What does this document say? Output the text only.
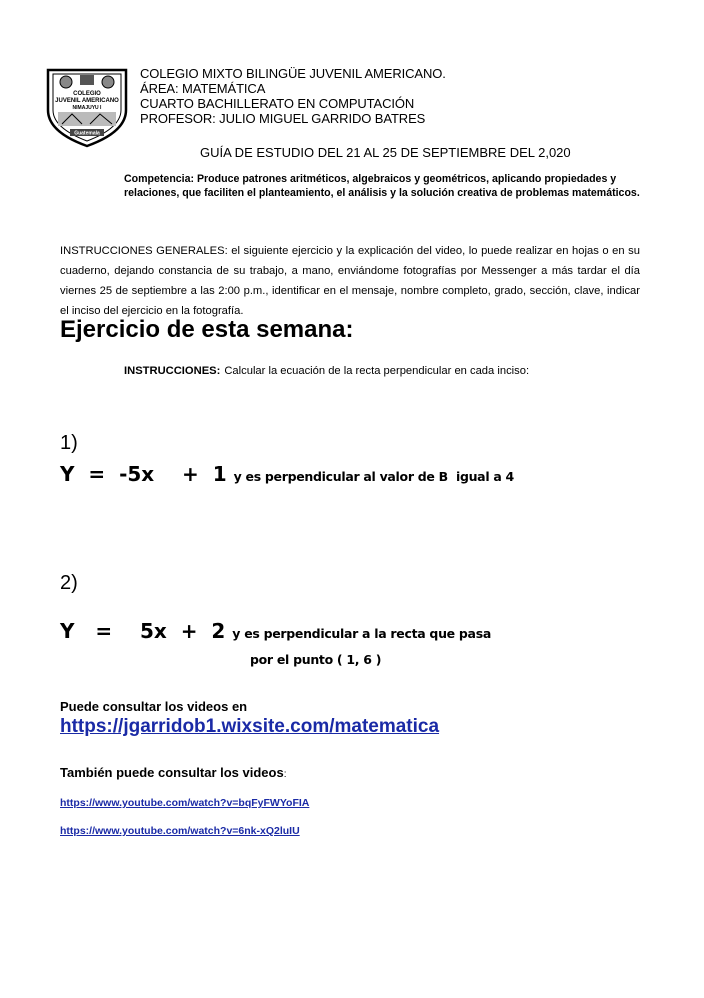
COLEGIO
JUVENIL AMERICANO
NIMAJUYU I
Guatemala
COLEGIO MIXTO BILINGÜE JUVENIL AMERICANO.
ÁREA: MATEMÁTICA
CUARTO BACHILLERATO EN COMPUTACIÓN
PROFESOR: JULIO MIGUEL GARRIDO BATRES
GUÍA DE ESTUDIO DEL 21 AL 25 DE SEPTIEMBRE DEL 2,020
Competencia: Produce patrones aritméticos, algebraicos y geométricos, aplicando propiedades y relaciones, que faciliten el planteamiento, el análisis y la solución creativa de problemas matemáticos.
INSTRUCCIONES GENERALES: el siguiente ejercicio y la explicación del video, lo puede realizar en hojas o en su cuaderno, dejando constancia de su trabajo, a mano, enviándome fotografías por Messenger a más tardar el día viernes 25 de septiembre a las 2:00 p.m., identificar en el mensaje, nombre completo, grado, sección, clave, indicar el inciso del ejercicio en la fotografía.
Ejercicio de esta semana:
INSTRUCCIONES: Calcular la ecuación de la recta perpendicular en cada inciso:
1)
Y  =  -5x    +  1 y es perpendicular al valor de B  igual a 4
2)
Y   =    5x  +  2 y es perpendicular a la recta que pasa
por el punto ( 1, 6 )
Puede consultar los videos en
https://jgarridob1.wixsite.com/matematica
También puede consultar los videos:
https://www.youtube.com/watch?v=bqFyFWYoFIA
https://www.youtube.com/watch?v=6nk-xQ2luIU
